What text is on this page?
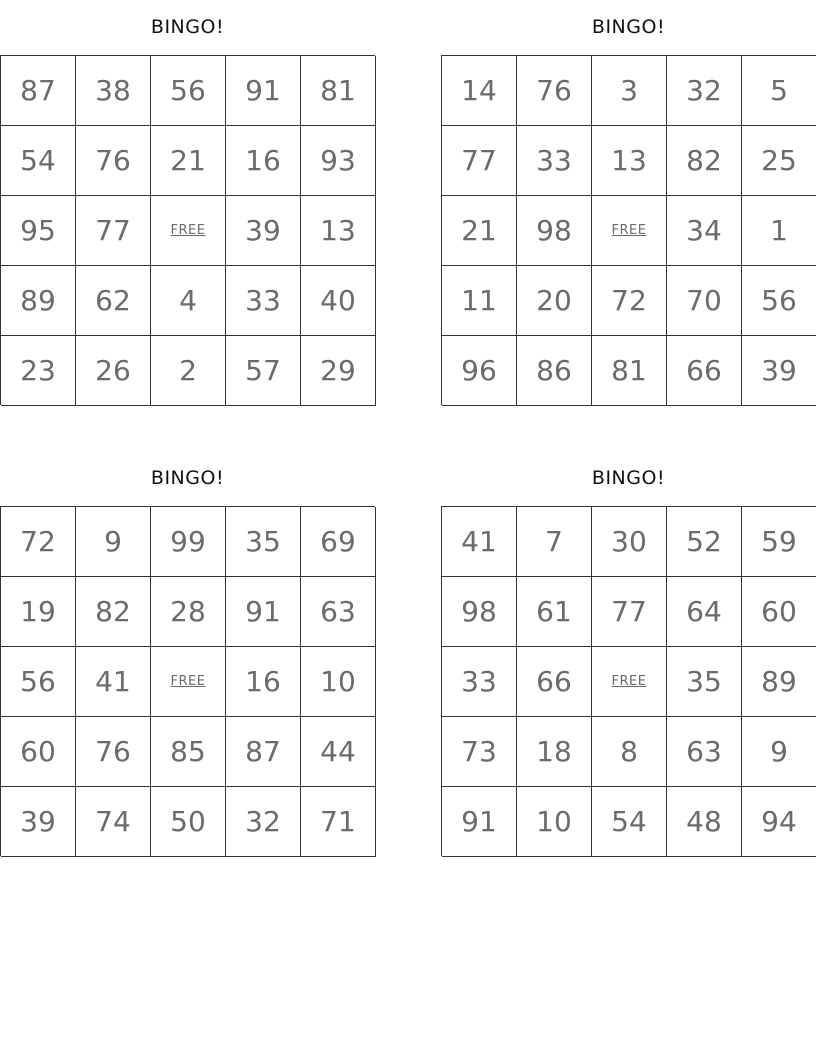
BINGO!
87	38	56	91	81
54	76	21	16	93
95	77	FREE	39	13
89	62	4	33	40
23	26	2	57	29
BINGO!
14	76	3	32	5
77	33	13	82	25
21	98	FREE	34	1
11	20	72	70	56
96	86	81	66	39
BINGO!
72	9	99	35	69
19	82	28	91	63
56	41	FREE	16	10
60	76	85	87	44
39	74	50	32	71
BINGO!
41	7	30	52	59
98	61	77	64	60
33	66	FREE	35	89
73	18	8	63	9
91	10	54	48	94
